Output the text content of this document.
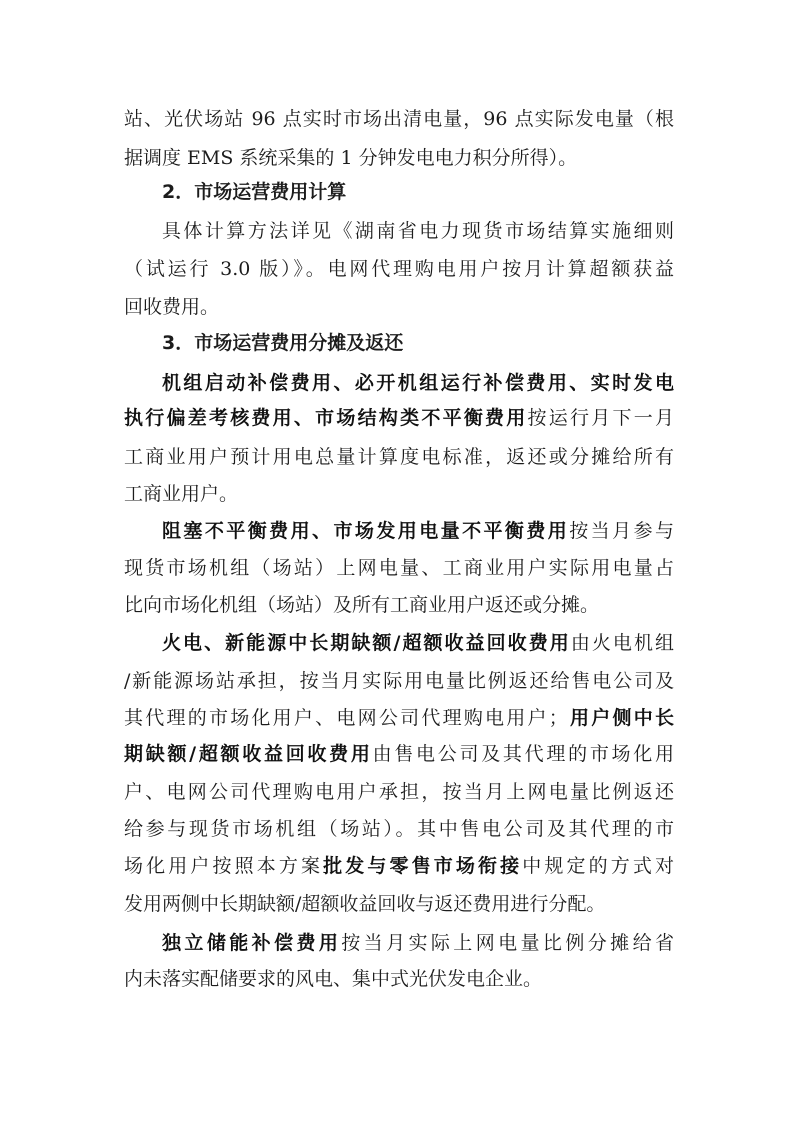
站、光伏场站 96 点实时市场出清电量，96 点实际发电量（根
据调度 EMS 系统采集的 1 分钟发电电力积分所得）。
2．市场运营费用计算
具体计算方法详见《湖南省电力现货市场结算实施细则
（试运行 3.0 版）》。电网代理购电用户按月计算超额获益
回收费用。
3．市场运营费用分摊及返还
机组启动补偿费用、必开机组运行补偿费用、实时发电
执行偏差考核费用、市场结构类不平衡费用按运行月下一月
工商业用户预计用电总量计算度电标准，返还或分摊给所有
工商业用户。
阻塞不平衡费用、市场发用电量不平衡费用按当月参与
现货市场机组（场站）上网电量、工商业用户实际用电量占
比向市场化机组（场站）及所有工商业用户返还或分摊。
火电、新能源中长期缺额/超额收益回收费用由火电机组
/新能源场站承担，按当月实际用电量比例返还给售电公司及
其代理的市场化用户、电网公司代理购电用户；用户侧中长
期缺额/超额收益回收费用由售电公司及其代理的市场化用
户、电网公司代理购电用户承担，按当月上网电量比例返还
给参与现货市场机组（场站）。其中售电公司及其代理的市
场化用户按照本方案批发与零售市场衔接中规定的方式对
发用两侧中长期缺额/超额收益回收与返还费用进行分配。
独立储能补偿费用按当月实际上网电量比例分摊给省
内未落实配储要求的风电、集中式光伏发电企业。
